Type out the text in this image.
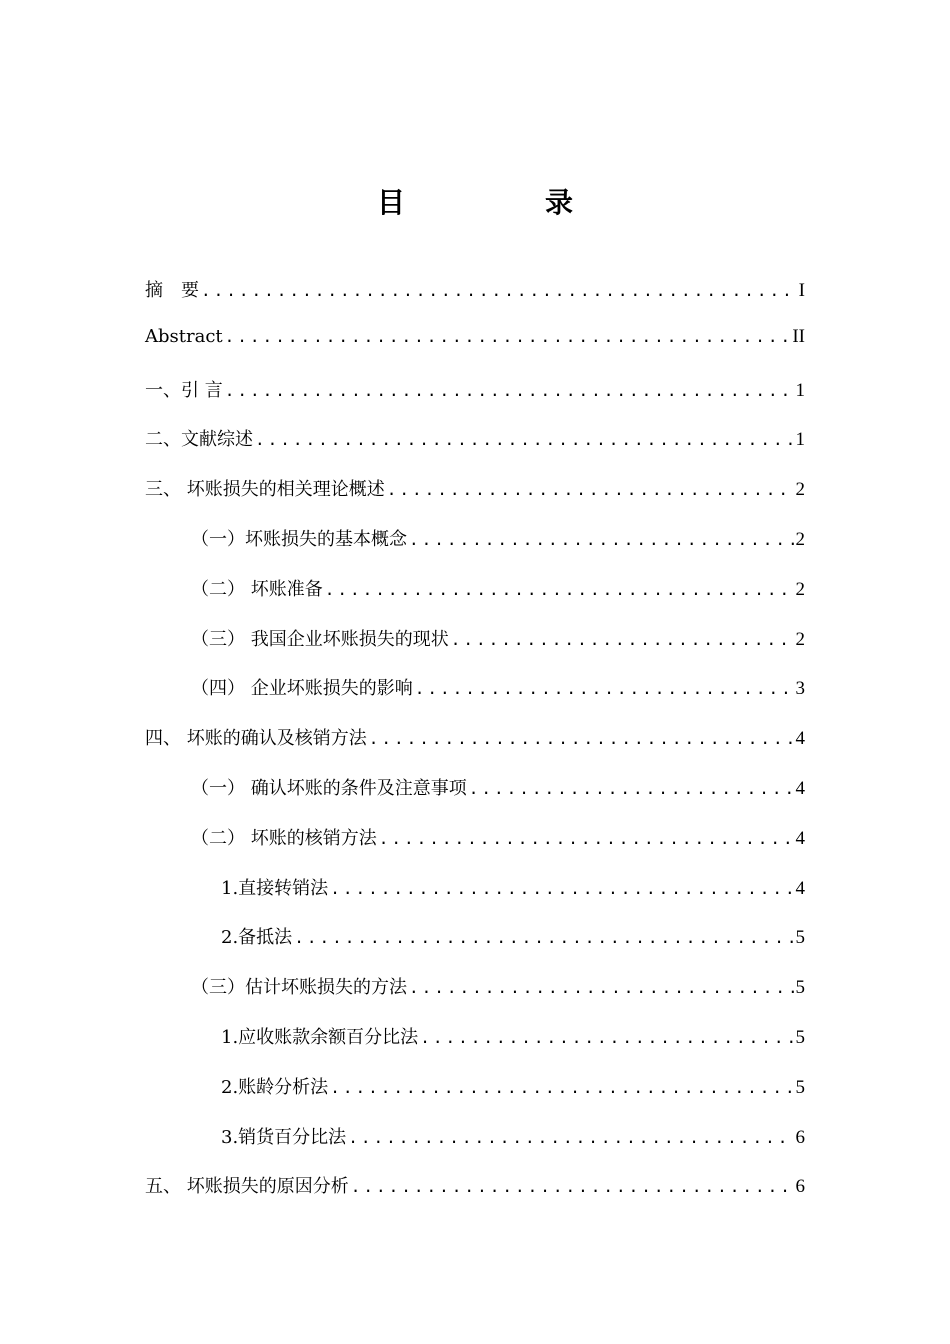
目　录
摘　要 .....	I
Abstract .....	II
一、引 言 .....	1
二、文献综述 .....	1
三、 坏账损失的相关理论概述 .....	2
（一）坏账损失的基本概念 .....	2
（二） 坏账准备 .....	2
（三） 我国企业坏账损失的现状 .....	2
（四） 企业坏账损失的影响 .....	3
四、 坏账的确认及核销方法 .....	4
（一） 确认坏账的条件及注意事项 .....	4
（二） 坏账的核销方法 .....	4
1.直接转销法 .....	4
2.备抵法 .....	5
（三）估计坏账损失的方法 .....	5
1.应收账款余额百分比法 .....	5
2.账龄分析法 .....	5
3.销货百分比法 .....	6
五、 坏账损失的原因分析 .....	6
